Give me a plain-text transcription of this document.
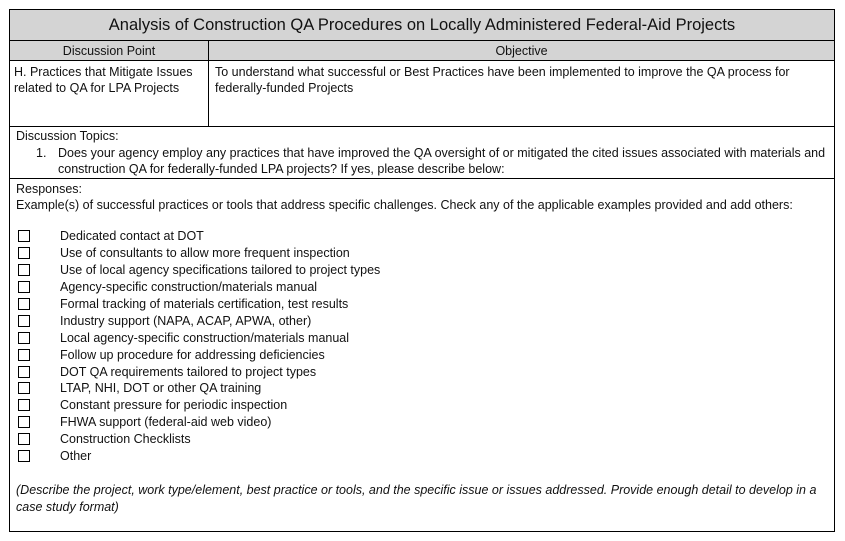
Analysis of Construction QA Procedures on Locally Administered Federal-Aid Projects
Discussion Point	Objective
H. Practices that Mitigate Issues related to QA for LPA Projects
To understand what successful or Best Practices have been implemented to improve the QA process for federally-funded Projects
Discussion Topics:
1. Does your agency employ any practices that have improved the QA oversight of or mitigated the cited issues associated with materials and construction QA for federally-funded LPA projects? If yes, please describe below:
Responses:
Example(s) of successful practices or tools that address specific challenges. Check any of the applicable examples provided and add others:
Dedicated contact at DOT
Use of consultants to allow more frequent inspection
Use of local agency specifications tailored to project types
Agency-specific construction/materials manual
Formal tracking of materials certification, test results
Industry support (NAPA, ACAP, APWA, other)
Local agency-specific construction/materials manual
Follow up procedure for addressing deficiencies
DOT QA requirements tailored to project types
LTAP, NHI, DOT or other QA training
Constant pressure for periodic inspection
FHWA support (federal-aid web video)
Construction Checklists
Other
(Describe the project, work type/element, best practice or tools, and the specific issue or issues addressed. Provide enough detail to develop in a case study format)
